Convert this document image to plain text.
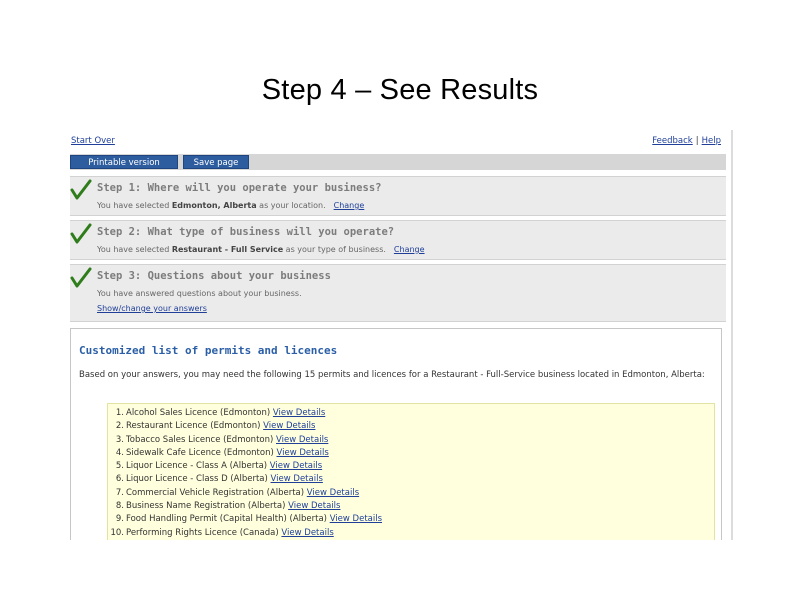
Step 4 – See Results
Start Over	Feedback | Help
Printable version	Save page
Step 1: Where will you operate your business?
You have selected Edmonton, Alberta as your location. Change
Step 2: What type of business will you operate?
You have selected Restaurant - Full Service as your type of business. Change
Step 3: Questions about your business
You have answered questions about your business.
Show/change your answers
Customized list of permits and licences
Based on your answers, you may need the following 15 permits and licences for a Restaurant - Full-Service business located in Edmonton, Alberta:
1. Alcohol Sales Licence (Edmonton) View Details
2. Restaurant Licence (Edmonton) View Details
3. Tobacco Sales Licence (Edmonton) View Details
4. Sidewalk Cafe Licence (Edmonton) View Details
5. Liquor Licence - Class A (Alberta) View Details
6. Liquor Licence - Class D (Alberta) View Details
7. Commercial Vehicle Registration (Alberta) View Details
8. Business Name Registration (Alberta) View Details
9. Food Handling Permit (Capital Health) (Alberta) View Details
10. Performing Rights Licence (Canada) View Details
